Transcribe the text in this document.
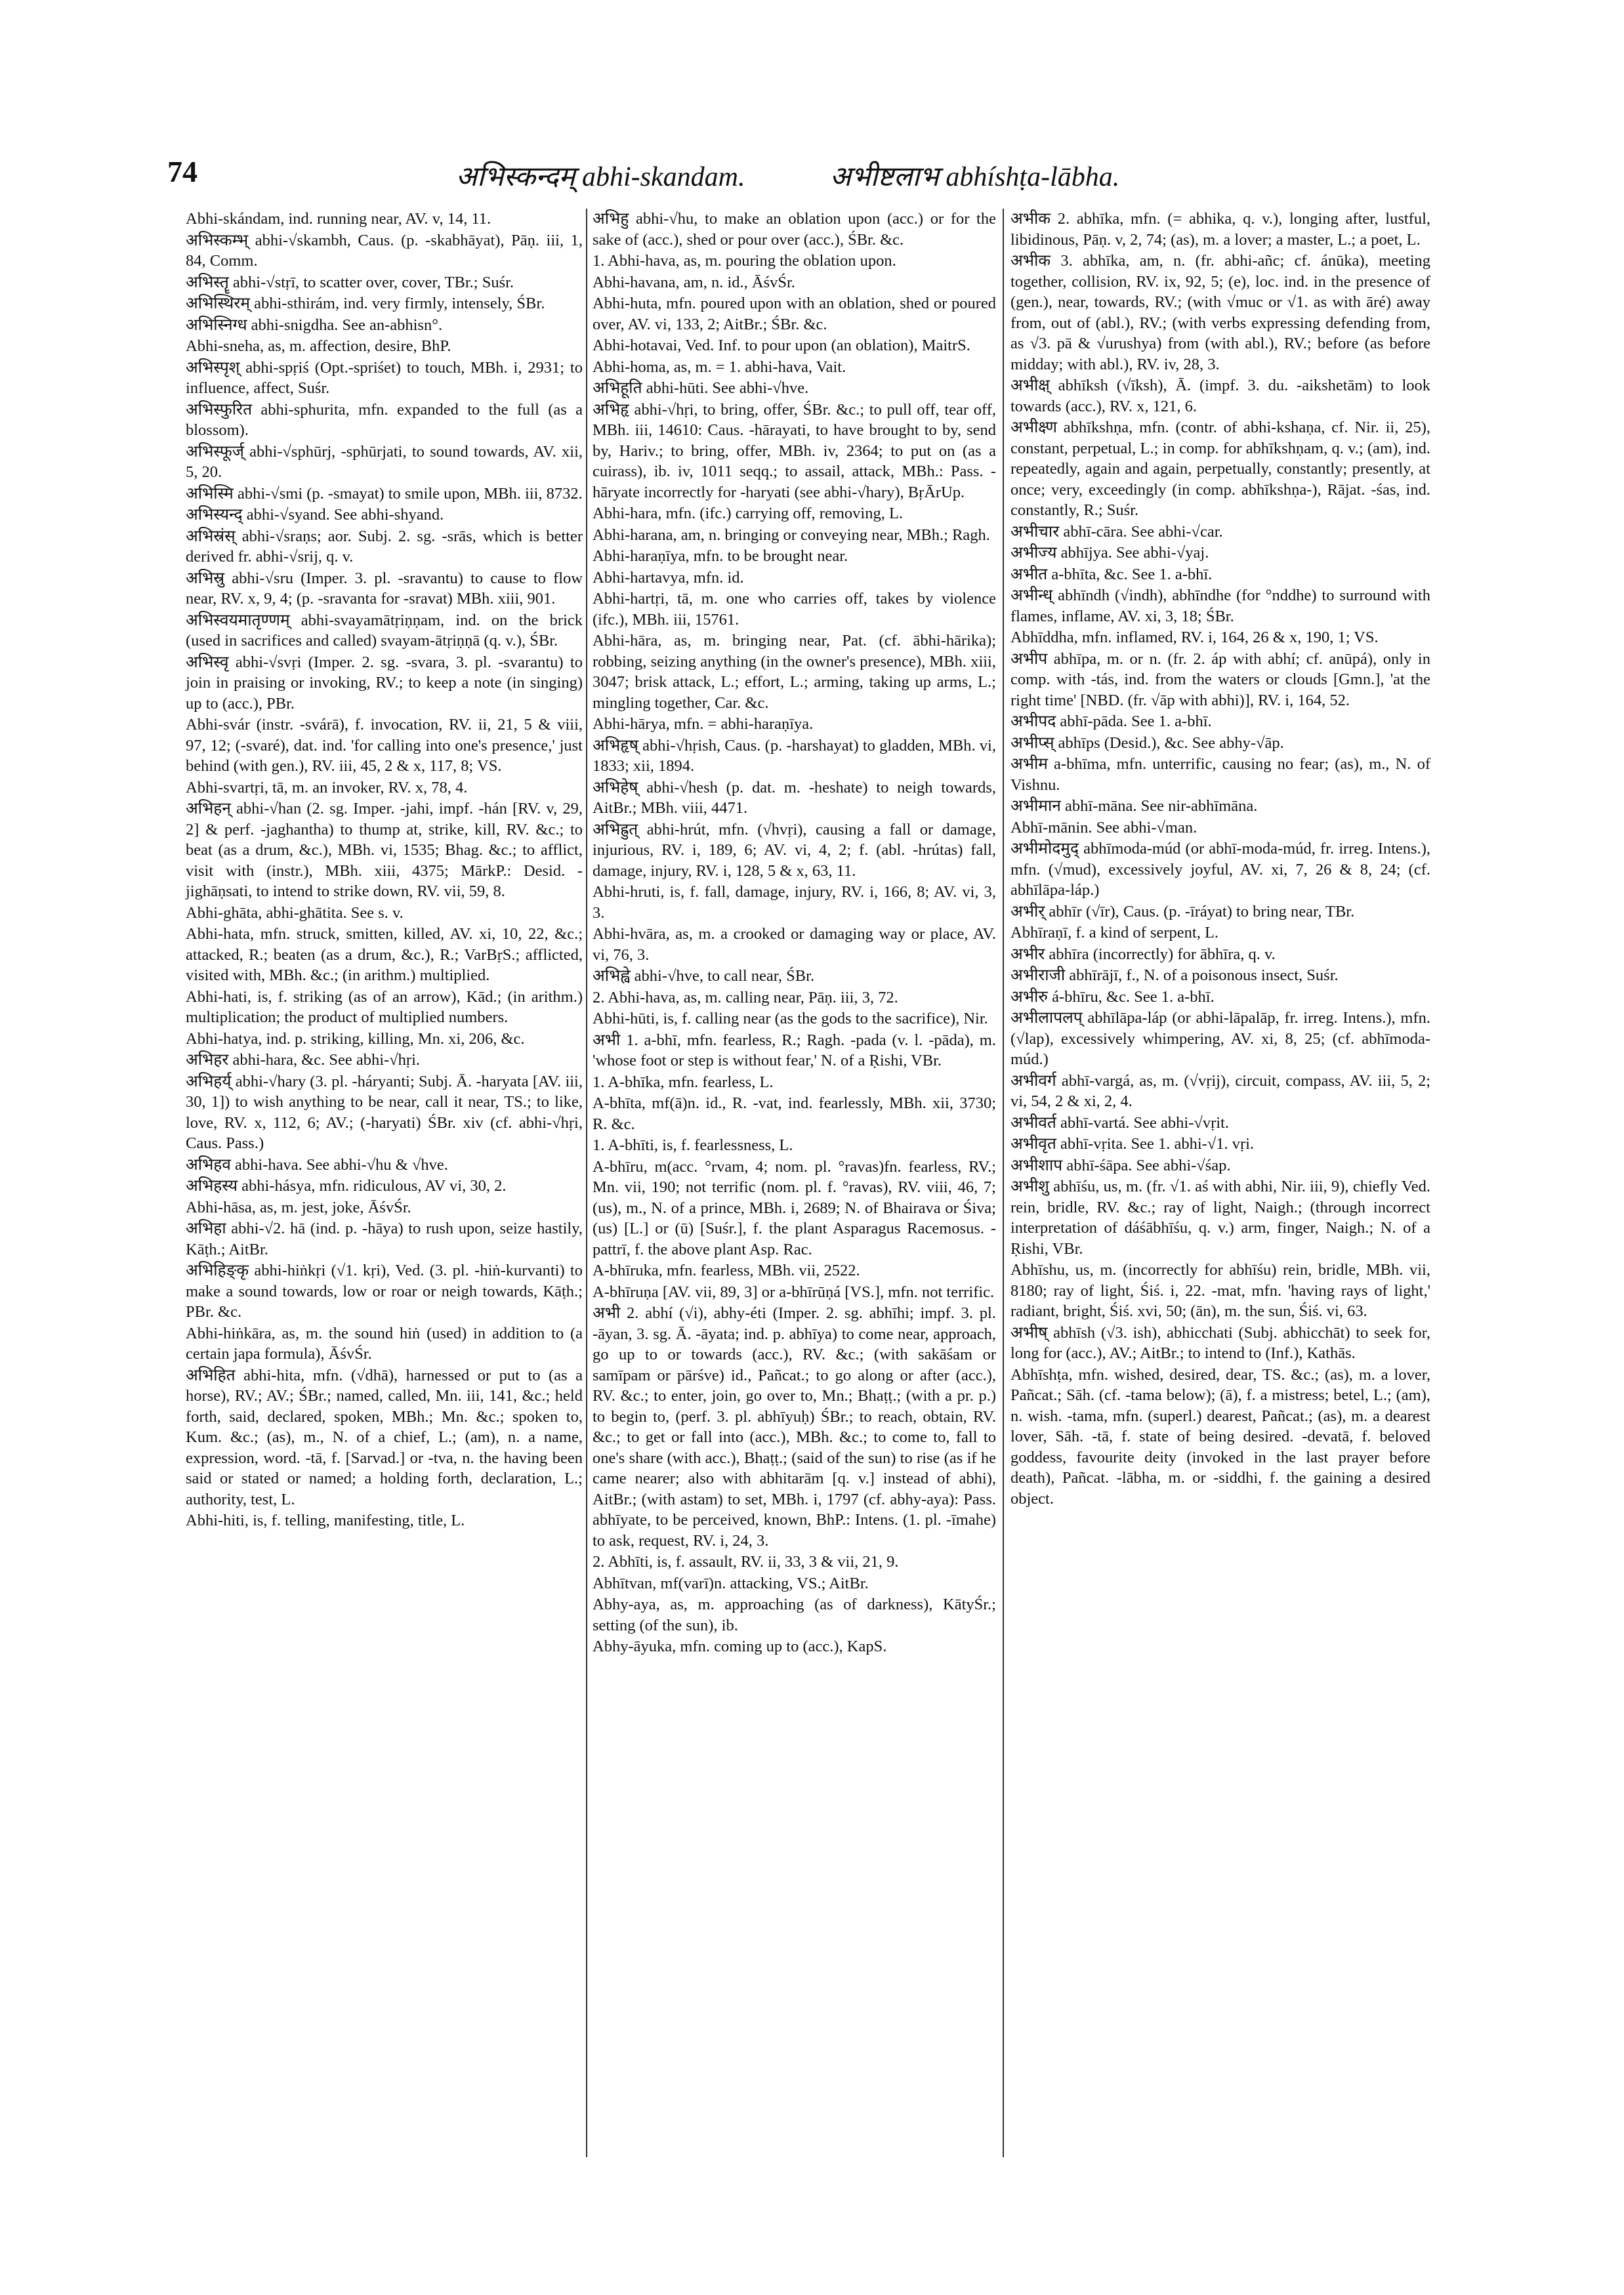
74	अभिस्कन्दम् abhi-skandam.	अभीष्टलाभ abhíshṭa-lābha.

Abhi-skándam, ind. running near, AV. v, 14, 11.

अभिस्कम्भ् abhi-√skambh, Caus. (p. -skabhāyat), Pāṇ. iii, 1, 84, Comm.

अभिस्तॄ abhi-√stṛī, to scatter over, cover, TBr.; Suśr.

अभिस्थिरम् abhi-sthirám, ind. very firmly, intensely, ŚBr.

अभिस्निग्ध abhi-snigdha. See an-abhisn°.

Abhi-sneha, as, m. affection, desire, BhP.

अभिस्पृश् abhi-spṛiś (Opt.-spriśet) to touch, MBh. i, 2931; to influence, affect, Suśr.

अभिस्फुरित abhi-sphurita, mfn. expanded to the full (as a blossom).

अभिस्फूर्ज् abhi-√sphūrj, -sphūrjati, to sound towards, AV. xii, 5, 20.

अभिस्मि abhi-√smi (p. -smayat) to smile upon, MBh. iii, 8732.

अभिस्यन्द् abhi-√syand. See abhi-shyand.

अभिस्रंस् abhi-√sraṇs; aor. Subj. 2. sg. -srās, which is better derived fr. abhi-√srij, q. v.

अभिस्रु abhi-√sru (Imper. 3. pl. -sravantu) to cause to flow near, RV. x, 9, 4; (p. -sravanta for -sravat) MBh. xiii, 901.

अभिस्वयमातृण्णम् abhi-svayamātṛiṇṇam, ind. on the brick (used in sacrifices and called) svayam-ātṛiṇṇā (q. v.), ŚBr.

अभिस्वृ abhi-√svṛi (Imper. 2. sg. -svara, 3. pl. -svarantu) to join in praising or invoking, RV.; to keep a note (in singing) up to (acc.), PBr.

Abhi-svár (instr. -svárā), f. invocation, RV. ii, 21, 5 & viii, 97, 12; (-svaré), dat. ind. 'for calling into one's presence,' just behind (with gen.), RV. iii, 45, 2 & x, 117, 8; VS.

Abhi-svartṛi, tā, m. an invoker, RV. x, 78, 4.

अभिहन् abhi-√han (2. sg. Imper. -jahi, impf. -hán [RV. v, 29, 2] & perf. -jaghantha) to thump at, strike, kill, RV. &c.; to beat (as a drum, &c.), MBh. vi, 1535; Bhag. &c.; to afflict, visit with (instr.), MBh. xiii, 4375; MārkP.: Desid. -jighāṇsati, to intend to strike down, RV. vii, 59, 8.

Abhi-ghāta, abhi-ghātita. See s. v.

Abhi-hata, mfn. struck, smitten, killed, AV. xi, 10, 22, &c.; attacked, R.; beaten (as a drum, &c.), R.; VarBṛS.; afflicted, visited with, MBh. &c.; (in arithm.) multiplied.

Abhi-hati, is, f. striking (as of an arrow), Kād.; (in arithm.) multiplication; the product of multiplied numbers.

Abhi-hatya, ind. p. striking, killing, Mn. xi, 206, &c.

अभिहर abhi-hara, &c. See abhi-√hṛi.

अभिहर्य् abhi-√hary (3. pl. -háryanti; Subj. Ā. -haryata [AV. iii, 30, 1]) to wish anything to be near, call it near, TS.; to like, love, RV. x, 112, 6; AV.; (-haryati) ŚBr. xiv (cf. abhi-√hṛi, Caus. Pass.)

अभिहव abhi-hava. See abhi-√hu & √hve.

अभिहस्य abhi-hásya, mfn. ridiculous, AV vi, 30, 2.

Abhi-hāsa, as, m. jest, joke, ĀśvŚr.

अभिहा abhi-√2. hā (ind. p. -hāya) to rush upon, seize hastily, Kāṭh.; AitBr.

अभिहिङ्कृ abhi-hiṅkṛi (√1. kṛi), Ved. (3. pl. -hiṅ-kurvanti) to make a sound towards, low or roar or neigh towards, Kāṭh.; PBr. &c.

Abhi-hiṅkāra, as, m. the sound hiṅ (used) in addition to (a certain japa formula), ĀśvŚr.

अभिहित abhi-hita, mfn. (√dhā), harnessed or put to (as a horse), RV.; AV.; ŚBr.; named, called, Mn. iii, 141, &c.; held forth, said, declared, spoken, MBh.; Mn. &c.; spoken to, Kum. &c.; (as), m., N. of a chief, L.; (am), n. a name, expression, word. -tā, f. [Sarvad.] or -tva, n. the having been said or stated or named; a holding forth, declaration, L.; authority, test, L.

Abhi-hiti, is, f. telling, manifesting, title, L.

अभिहु abhi-√hu, to make an oblation upon (acc.) or for the sake of (acc.), shed or pour over (acc.), ŚBr. &c.

1. Abhi-hava, as, m. pouring the oblation upon.

Abhi-havana, am, n. id., ĀśvŚr.

Abhi-huta, mfn. poured upon with an oblation, shed or poured over, AV. vi, 133, 2; AitBr.; ŚBr. &c.

Abhi-hotavai, Ved. Inf. to pour upon (an oblation), MaitrS.

Abhi-homa, as, m. = 1. abhi-hava, Vait.

अभिहूति abhi-hūti. See abhi-√hve.

अभिहृ abhi-√hṛi, to bring, offer, ŚBr. &c.; to pull off, tear off, MBh. iii, 14610: Caus. -hārayati, to have brought to by, send by, Hariv.; to bring, offer, MBh. iv, 2364; to put on (as a cuirass), ib. iv, 1011 seqq.; to assail, attack, MBh.: Pass. -hāryate incorrectly for -haryati (see abhi-√hary), BṛĀrUp.

Abhi-hara, mfn. (ifc.) carrying off, removing, L.

Abhi-harana, am, n. bringing or conveying near, MBh.; Ragh.

Abhi-haraṇīya, mfn. to be brought near.

Abhi-hartavya, mfn. id.

Abhi-hartṛi, tā, m. one who carries off, takes by violence (ifc.), MBh. iii, 15761.

Abhi-hāra, as, m. bringing near, Pat. (cf. ābhi-hārika); robbing, seizing anything (in the owner's presence), MBh. xiii, 3047; brisk attack, L.; effort, L.; arming, taking up arms, L.; mingling together, Car. &c.

Abhi-hārya, mfn. = abhi-haraṇīya.

अभिहृष् abhi-√hṛish, Caus. (p. -harshayat) to gladden, MBh. vi, 1833; xii, 1894.

अभिहेष् abhi-√hesh (p. dat. m. -heshate) to neigh towards, AitBr.; MBh. viii, 4471.

अभिह्रुत् abhi-hrút, mfn. (√hvṛi), causing a fall or damage, injurious, RV. i, 189, 6; AV. vi, 4, 2; f. (abl. -hrútas) fall, damage, injury, RV. i, 128, 5 & x, 63, 11.

Abhi-hruti, is, f. fall, damage, injury, RV. i, 166, 8; AV. vi, 3, 3.

Abhi-hvāra, as, m. a crooked or damaging way or place, AV. vi, 76, 3.

अभिह्वे abhi-√hve, to call near, ŚBr.

2. Abhi-hava, as, m. calling near, Pāṇ. iii, 3, 72.

Abhi-hūti, is, f. calling near (as the gods to the sacrifice), Nir.

अभी 1. a-bhī, mfn. fearless, R.; Ragh. -pada (v. l. -pāda), m. 'whose foot or step is without fear,' N. of a Ṛishi, VBr.

1. A-bhīka, mfn. fearless, L.

A-bhīta, mf(ā)n. id., R. -vat, ind. fearlessly, MBh. xii, 3730; R. &c.

1. A-bhīti, is, f. fearlessness, L.

A-bhīru, m(acc. °rvam, 4; nom. pl. °ravas)fn. fearless, RV.; Mn. vii, 190; not terrific (nom. pl. f. °ravas), RV. viii, 46, 7; (us), m., N. of a prince, MBh. i, 2689; N. of Bhairava or Śiva; (us) [L.] or (ū) [Suśr.], f. the plant Asparagus Racemosus. -pattrī, f. the above plant Asp. Rac.

A-bhīruka, mfn. fearless, MBh. vii, 2522.

A-bhīruṇa [AV. vii, 89, 3] or a-bhīrūṇá [VS.], mfn. not terrific.

अभी 2. abhí (√i), abhy-éti (Imper. 2. sg. abhīhi; impf. 3. pl. -āyan, 3. sg. Ā. -āyata; ind. p. abhīya) to come near, approach, go up to or towards (acc.), RV. &c.; (with sakāśam or samīpam or pārśve) id., Pañcat.; to go along or after (acc.), RV. &c.; to enter, join, go over to, Mn.; Bhaṭṭ.; (with a pr. p.) to begin to, (perf. 3. pl. abhīyuḥ) ŚBr.; to reach, obtain, RV. &c.; to get or fall into (acc.), MBh. &c.; to come to, fall to one's share (with acc.), Bhaṭṭ.; (said of the sun) to rise (as if he came nearer; also with abhitarām [q. v.] instead of abhi), AitBr.; (with astam) to set, MBh. i, 1797 (cf. abhy-aya): Pass. abhīyate, to be perceived, known, BhP.: Intens. (1. pl. -īmahe) to ask, request, RV. i, 24, 3.

2. Abhīti, is, f. assault, RV. ii, 33, 3 & vii, 21, 9.

Abhītvan, mf(varī)n. attacking, VS.; AitBr.

Abhy-aya, as, m. approaching (as of darkness), KātyŚr.; setting (of the sun), ib.

Abhy-āyuka, mfn. coming up to (acc.), KapS.

अभीक 2. abhīka, mfn. (= abhika, q. v.), longing after, lustful, libidinous, Pāṇ. v, 2, 74; (as), m. a lover; a master, L.; a poet, L.

अभीक 3. abhīka, am, n. (fr. abhi-añc; cf. ánūka), meeting together, collision, RV. ix, 92, 5; (e), loc. ind. in the presence of (gen.), near, towards, RV.; (with √muc or √1. as with āré) away from, out of (abl.), RV.; (with verbs expressing defending from, as √3. pā & √urushya) from (with abl.), RV.; before (as before midday; with abl.), RV. iv, 28, 3.

अभीक्ष् abhīksh (√īksh), Ā. (impf. 3. du. -aikshetām) to look towards (acc.), RV. x, 121, 6.

अभीक्ष्ण abhīkshṇa, mfn. (contr. of abhi-kshaṇa, cf. Nir. ii, 25), constant, perpetual, L.; in comp. for abhīkshṇam, q. v.; (am), ind. repeatedly, again and again, perpetually, constantly; presently, at once; very, exceedingly (in comp. abhīkshṇa-), Rājat. -śas, ind. constantly, R.; Suśr.

अभीचार abhī-cāra. See abhi-√car.

अभीज्य abhījya. See abhi-√yaj.

अभीत a-bhīta, &c. See 1. a-bhī.

अभीन्ध् abhīndh (√indh), abhīndhe (for °nddhe) to surround with flames, inflame, AV. xi, 3, 18; ŚBr.

Abhīddha, mfn. inflamed, RV. i, 164, 26 & x, 190, 1; VS.

अभीप abhīpa, m. or n. (fr. 2. áp with abhí; cf. anūpá), only in comp. with -tás, ind. from the waters or clouds [Gmn.], 'at the right time' [NBD. (fr. √āp with abhi)], RV. i, 164, 52.

अभीपद abhī-pāda. See 1. a-bhī.

अभीप्स् abhīps (Desid.), &c. See abhy-√āp.

अभीम a-bhīma, mfn. unterrific, causing no fear; (as), m., N. of Vishnu.

अभीमान abhī-māna. See nir-abhīmāna.

Abhī-mānin. See abhi-√man.

अभीमोदमुद् abhīmoda-múd (or abhī-moda-múd, fr. irreg. Intens.), mfn. (√mud), excessively joyful, AV. xi, 7, 26 & 8, 24; (cf. abhīlāpa-láp.)

अभीर् abhīr (√īr), Caus. (p. -īráyat) to bring near, TBr.

Abhīraṇī, f. a kind of serpent, L.

अभीर abhīra (incorrectly) for ābhīra, q. v.

अभीराजी abhīrājī, f., N. of a poisonous insect, Suśr.

अभीरु á-bhīru, &c. See 1. a-bhī.

अभीलापलप् abhīlāpa-láp (or abhi-lāpalāp, fr. irreg. Intens.), mfn. (√lap), excessively whimpering, AV. xi, 8, 25; (cf. abhīmoda-múd.)

अभीवर्ग abhī-vargá, as, m. (√vṛij), circuit, compass, AV. iii, 5, 2; vi, 54, 2 & xi, 2, 4.

अभीवर्त abhī-vartá. See abhi-√vṛit.

अभीवृत abhī-vṛita. See 1. abhi-√1. vṛi.

अभीशाप abhī-śāpa. See abhi-√śap.

अभीशु abhīśu, us, m. (fr. √1. aś with abhi, Nir. iii, 9), chiefly Ved. rein, bridle, RV. &c.; ray of light, Naigh.; (through incorrect interpretation of dáśābhīśu, q. v.) arm, finger, Naigh.; N. of a Ṛishi, VBr.

Abhīshu, us, m. (incorrectly for abhīśu) rein, bridle, MBh. vii, 8180; ray of light, Śiś. i, 22. -mat, mfn. 'having rays of light,' radiant, bright, Śiś. xvi, 50; (ān), m. the sun, Śiś. vi, 63.

अभीष् abhīsh (√3. ish), abhicchati (Subj. abhicchāt) to seek for, long for (acc.), AV.; AitBr.; to intend to (Inf.), Kathās.

Abhīshṭa, mfn. wished, desired, dear, TS. &c.; (as), m. a lover, Pañcat.; Sāh. (cf. -tama below); (ā), f. a mistress; betel, L.; (am), n. wish. -tama, mfn. (superl.) dearest, Pañcat.; (as), m. a dearest lover, Sāh. -tā, f. state of being desired. -devatā, f. beloved goddess, favourite deity (invoked in the last prayer before death), Pañcat. -lābha, m. or -siddhi, f. the gaining a desired object.
